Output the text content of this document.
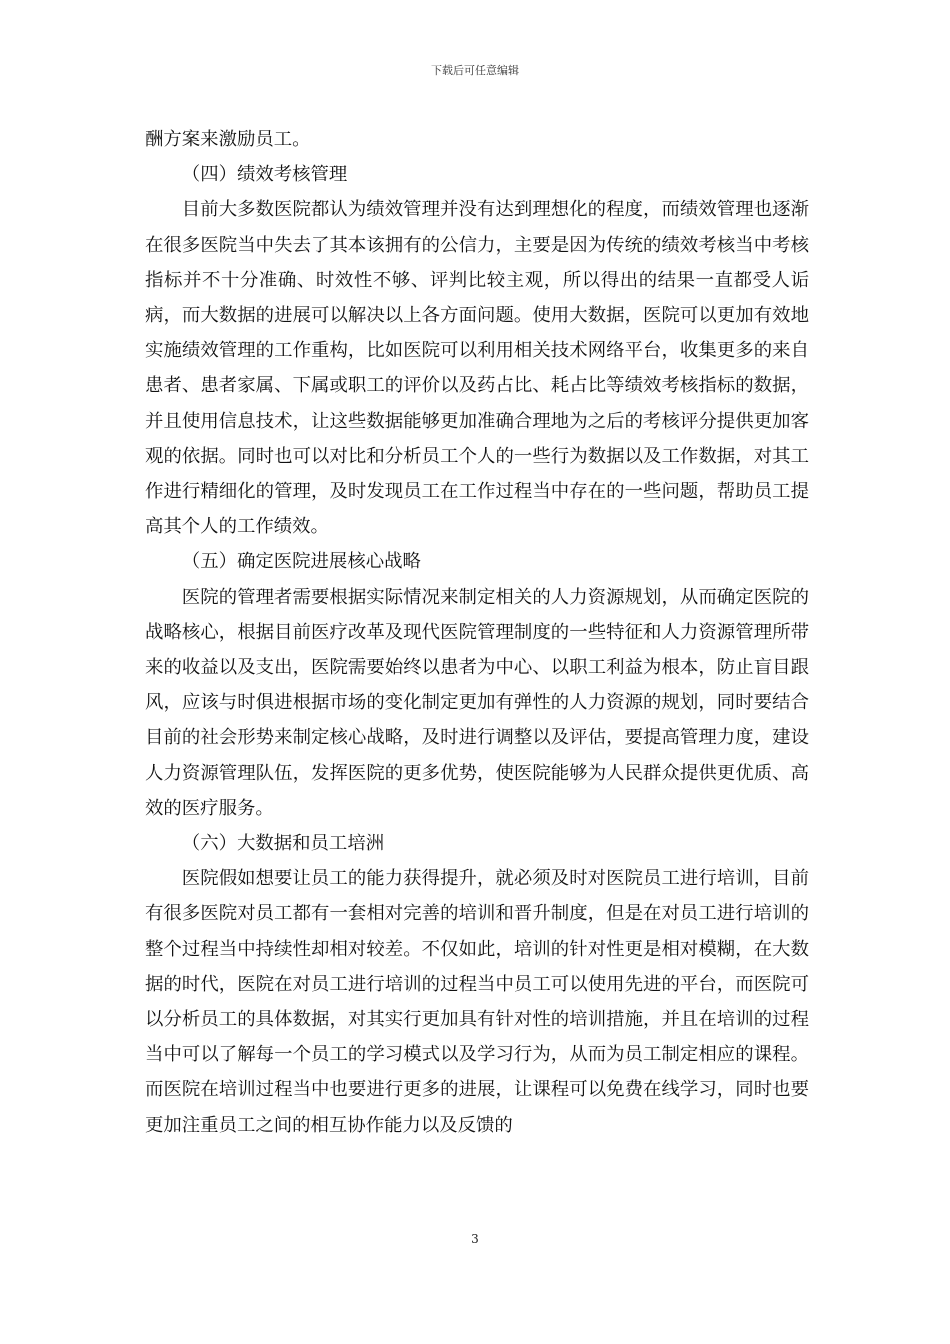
下载后可任意编辑

酬方案来激励员工。

（四）绩效考核管理

目前大多数医院都认为绩效管理并没有达到理想化的程度，而绩效管理也逐渐在很多医院当中失去了其本该拥有的公信力，主要是因为传统的绩效考核当中考核指标并不十分准确、时效性不够、评判比较主观，所以得出的结果一直都受人诟病，而大数据的进展可以解决以上各方面问题。使用大数据，医院可以更加有效地实施绩效管理的工作重构，比如医院可以利用相关技术网络平台，收集更多的来自患者、患者家属、下属或职工的评价以及药占比、耗占比等绩效考核指标的数据，并且使用信息技术，让这些数据能够更加准确合理地为之后的考核评分提供更加客观的依据。同时也可以对比和分析员工个人的一些行为数据以及工作数据，对其工作进行精细化的管理，及时发现员工在工作过程当中存在的一些问题，帮助员工提高其个人的工作绩效。

（五）确定医院进展核心战略

医院的管理者需要根据实际情况来制定相关的人力资源规划，从而确定医院的战略核心，根据目前医疗改革及现代医院管理制度的一些特征和人力资源管理所带来的收益以及支出，医院需要始终以患者为中心、以职工利益为根本，防止盲目跟风，应该与时俱进根据市场的变化制定更加有弹性的人力资源的规划，同时要结合目前的社会形势来制定核心战略，及时进行调整以及评估，要提高管理力度，建设人力资源管理队伍，发挥医院的更多优势，使医院能够为人民群众提供更优质、高效的医疗服务。

（六）大数据和员工培洲

医院假如想要让员工的能力获得提升，就必须及时对医院员工进行培训，目前有很多医院对员工都有一套相对完善的培训和晋升制度，但是在对员工进行培训的整个过程当中持续性却相对较差。不仅如此，培训的针对性更是相对模糊，在大数据的时代，医院在对员工进行培训的过程当中员工可以使用先进的平台，而医院可以分析员工的具体数据，对其实行更加具有针对性的培训措施，并且在培训的过程当中可以了解每一个员工的学习模式以及学习行为，从而为员工制定相应的课程。而医院在培训过程当中也要进行更多的进展，让课程可以免费在线学习，同时也要更加注重员工之间的相互协作能力以及反馈的

3
